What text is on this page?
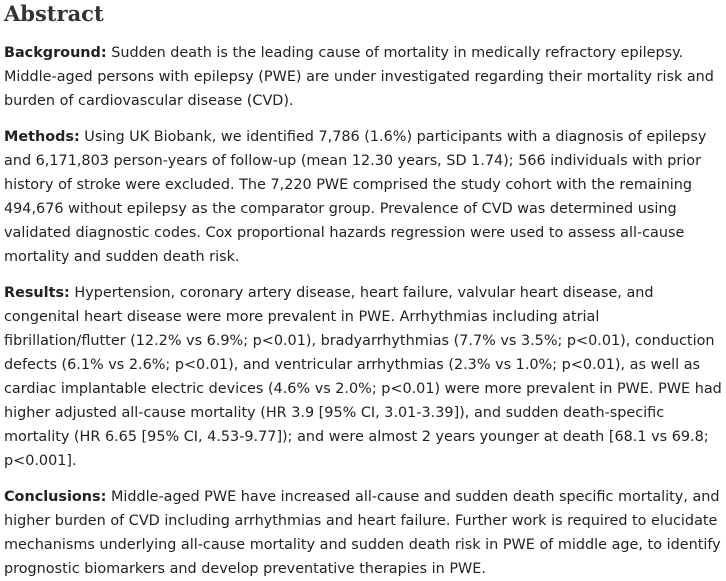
Abstract

Background: Sudden death is the leading cause of mortality in medically refractory epilepsy. Middle-aged persons with epilepsy (PWE) are under investigated regarding their mortality risk and burden of cardiovascular disease (CVD).

Methods: Using UK Biobank, we identified 7,786 (1.6%) participants with a diagnosis of epilepsy and 6,171,803 person-years of follow-up (mean 12.30 years, SD 1.74); 566 individuals with prior history of stroke were excluded. The 7,220 PWE comprised the study cohort with the remaining 494,676 without epilepsy as the comparator group. Prevalence of CVD was determined using validated diagnostic codes. Cox proportional hazards regression were used to assess all-cause mortality and sudden death risk.

Results: Hypertension, coronary artery disease, heart failure, valvular heart disease, and congenital heart disease were more prevalent in PWE. Arrhythmias including atrial fibrillation/flutter (12.2% vs 6.9%; p<0.01), bradyarrhythmias (7.7% vs 3.5%; p<0.01), conduction defects (6.1% vs 2.6%; p<0.01), and ventricular arrhythmias (2.3% vs 1.0%; p<0.01), as well as cardiac implantable electric devices (4.6% vs 2.0%; p<0.01) were more prevalent in PWE. PWE had higher adjusted all-cause mortality (HR 3.9 [95% CI, 3.01-3.39]), and sudden death-specific mortality (HR 6.65 [95% CI, 4.53-9.77]); and were almost 2 years younger at death [68.1 vs 69.8; p<0.001].

Conclusions: Middle-aged PWE have increased all-cause and sudden death specific mortality, and higher burden of CVD including arrhythmias and heart failure. Further work is required to elucidate mechanisms underlying all-cause mortality and sudden death risk in PWE of middle age, to identify prognostic biomarkers and develop preventative therapies in PWE.
